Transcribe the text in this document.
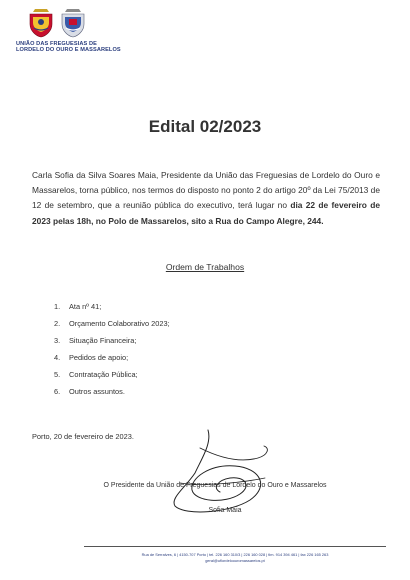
UNIÃO DAS FREGUESIAS DE
LORDELO DO OURO E MASSARELOS
Edital 02/2023
Carla Sofia da Silva Soares Maia, Presidente da União das Freguesias de Lordelo do Ouro e Massarelos, torna público, nos termos do disposto no ponto 2 do artigo 20º da Lei 75/2013 de 12 de setembro, que a reunião pública do executivo, terá lugar no dia 22 de fevereiro de 2023 pelas 18h, no Polo de Massarelos, sito a Rua do Campo Alegre, 244.
Ordem de Trabalhos
1.	Ata nº 41;
2.	Orçamento Colaborativo 2023;
3.	Situação Financeira;
4.	Pedidos de apoio;
5.	Contratação Pública;
6.	Outros assuntos.
Porto, 20 de fevereiro de 2023.
O Presidente da União de Freguesias de Lordelo do Ouro e Massarelos
Sofia Maia
Rua de Serralves, 6 | 4150-707 Porto | tel. 226 160 310/3 | 226 160 028 | tlm. 914 394 461 | fax 226 165 263
geral@uflordeloouromassarelos.pt
